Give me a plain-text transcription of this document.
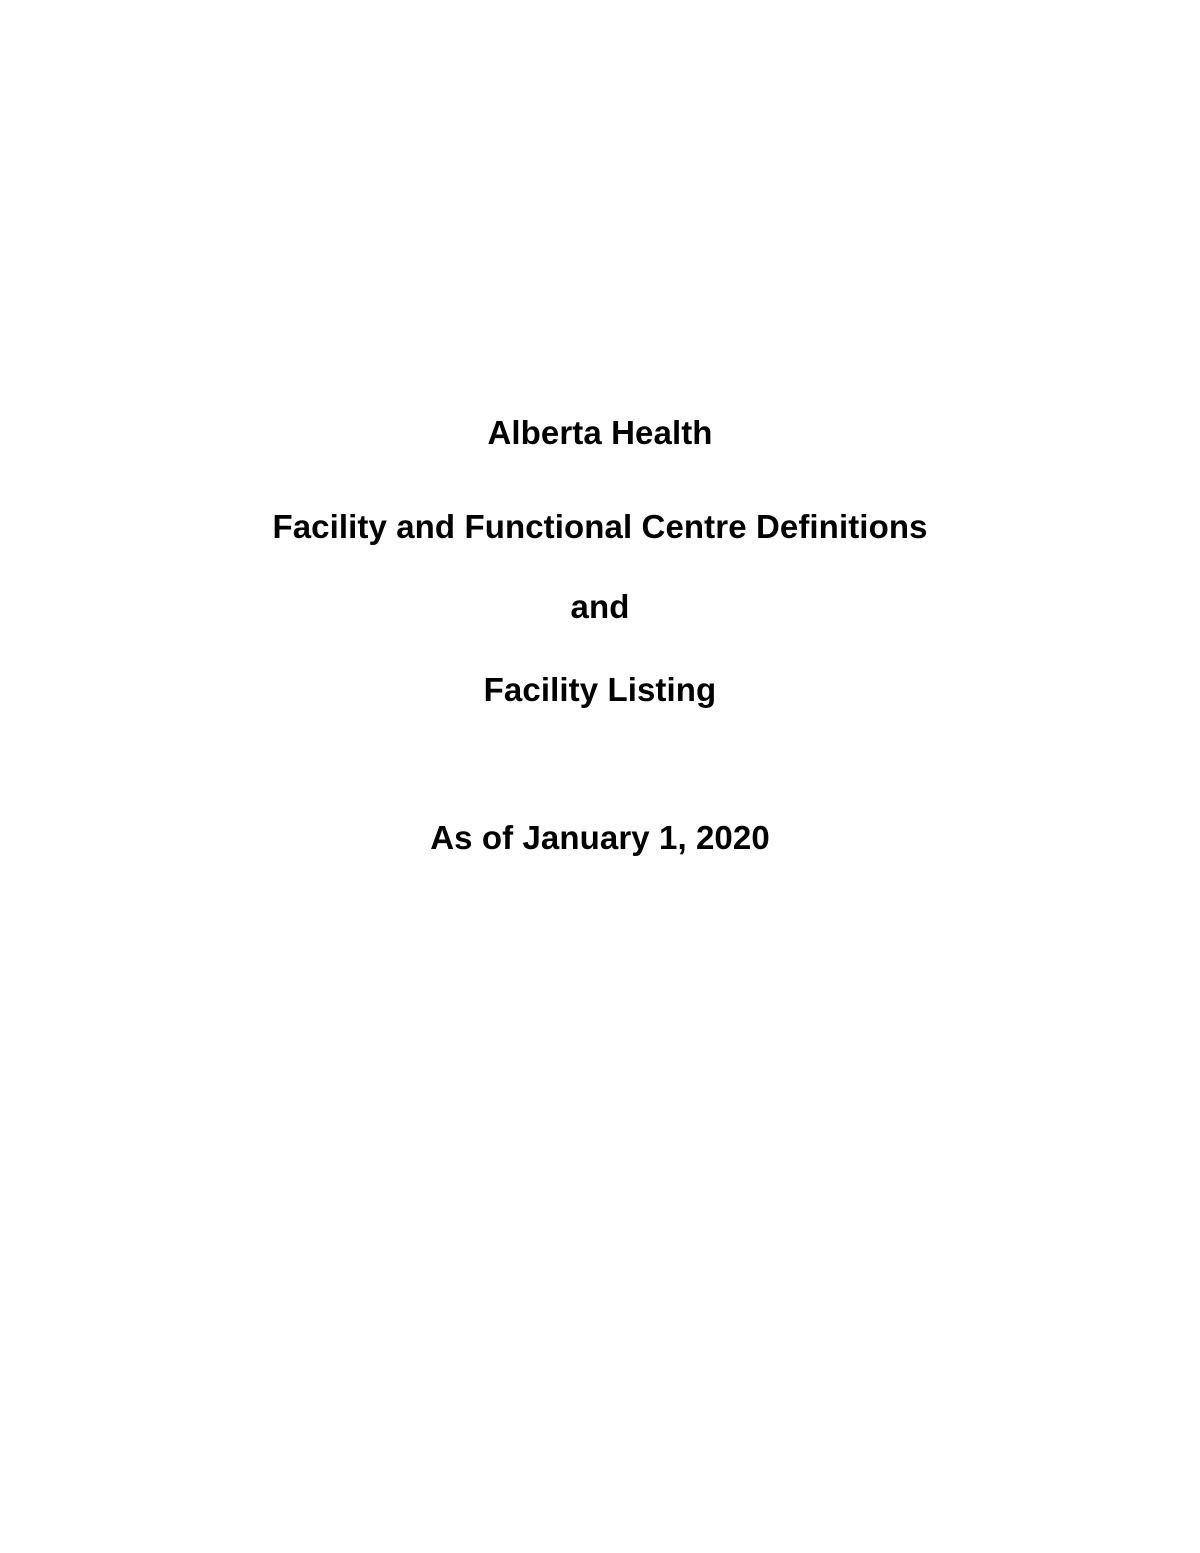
Alberta Health
Facility and Functional Centre Definitions
and
Facility Listing
As of January 1, 2020
